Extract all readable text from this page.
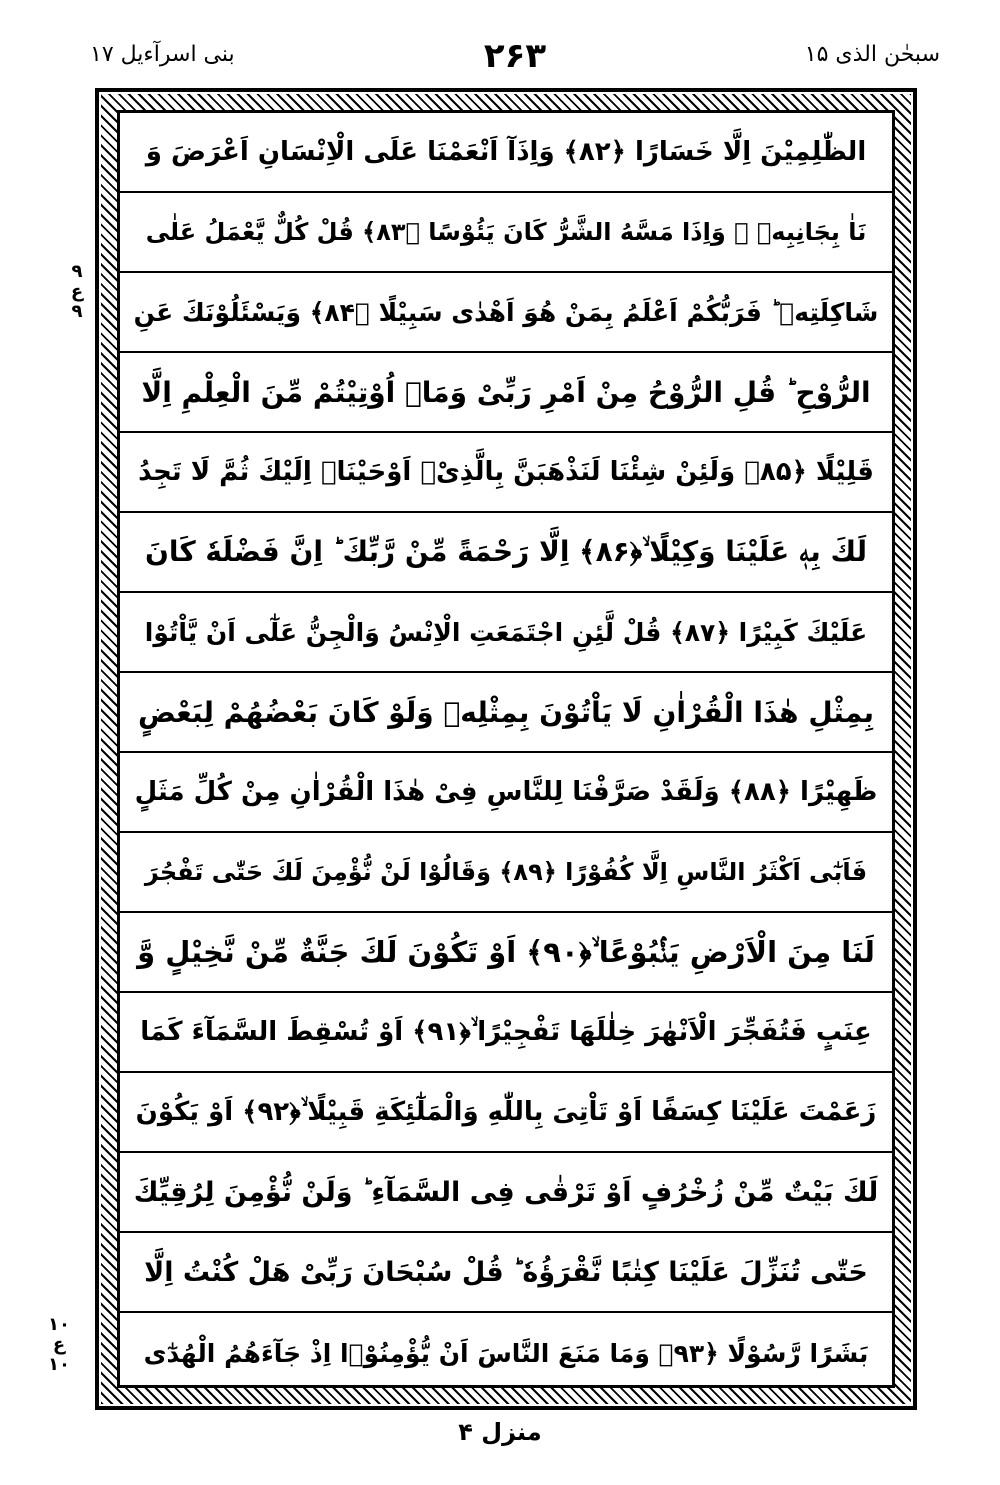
بنی اسرآءیل ۱۷	۲۶۳	سبحٰن الذی ۱۵
الظّٰلِمِیْنَ اِلَّا خَسَارًا ﴿۸۲﴾ وَاِذَآ اَنْعَمْنَا عَلَى الْاِنْسَانِ اَعْرَضَ وَ
نَاٰ بِجَانِبِهٖ ۚ وَاِذَا مَسَّهُ الشَّرُّ كَانَ يَئُوْسًا ﴿۸۳﴾ قُلْ كُلٌّ يَّعْمَلُ عَلٰى
شَاكِلَتِهٖ ؕ فَرَبُّكُمْ اَعْلَمُ بِمَنْ هُوَ اَهْدٰى سَبِيْلًا ﴿۸۴﴾ وَيَسْئَلُوْنَكَ عَنِ
الرُّوْحِ ؕ قُلِ الرُّوْحُ مِنْ اَمْرِ رَبِّىْ وَمَاۤ اُوْتِيْتُمْ مِّنَ الْعِلْمِ اِلَّا
قَلِيْلًا ﴿۸۵﴾ وَلَئِنْ شِئْنَا لَنَذْهَبَنَّ بِالَّذِىْۤ اَوْحَيْنَاۤ اِلَيْكَ ثُمَّ لَا تَجِدُ
لَكَ بِهٖ عَلَيْنَا وَكِيْلًا ۙ﴿۸۶﴾ اِلَّا رَحْمَةً مِّنْ رَّبِّكَ ؕ اِنَّ فَضْلَهٗ كَانَ
عَلَيْكَ كَبِيْرًا ﴿۸۷﴾ قُلْ لَّئِنِ اجْتَمَعَتِ الْاِنْسُ وَالْجِنُّ عَلٰٓى اَنْ يَّاْتُوْا
بِمِثْلِ هٰذَا الْقُرْاٰنِ لَا يَاْتُوْنَ بِمِثْلِهٖ وَلَوْ كَانَ بَعْضُهُمْ لِبَعْضٍ
ظَهِيْرًا ﴿۸۸﴾ وَلَقَدْ صَرَّفْنَا لِلنَّاسِ فِىْ هٰذَا الْقُرْاٰنِ مِنْ كُلِّ مَثَلٍ
فَاَبٰٓى اَكْثَرُ النَّاسِ اِلَّا كُفُوْرًا ﴿۸۹﴾ وَقَالُوْا لَنْ نُّؤْمِنَ لَكَ حَتّٰى تَفْجُرَ
لَنَا مِنَ الْاَرْضِ يَنْۢبُوْعًا ۙ﴿۹۰﴾ اَوْ تَكُوْنَ لَكَ جَنَّةٌ مِّنْ نَّخِيْلٍ وَّ
عِنَبٍ فَتُفَجِّرَ الْاَنْهٰرَ خِلٰلَهَا تَفْجِيْرًا ۙ﴿۹۱﴾ اَوْ تُسْقِطَ السَّمَآءَ كَمَا
زَعَمْتَ عَلَيْنَا كِسَفًا اَوْ تَاْتِىَ بِاللّٰهِ وَالْمَلٰٓئِكَةِ قَبِيْلًا ۙ﴿۹۲﴾ اَوْ يَكُوْنَ
لَكَ بَيْتٌ مِّنْ زُخْرُفٍ اَوْ تَرْقٰى فِى السَّمَآءِ ؕ وَلَنْ نُّؤْمِنَ لِرُقِيِّكَ
حَتّٰى تُنَزِّلَ عَلَيْنَا كِتٰبًا نَّقْرَؤُهٗ ؕ قُلْ سُبْحَانَ رَبِّىْ هَلْ كُنْتُ اِلَّا
بَشَرًا رَّسُوْلًا ﴿۹۳﴾ وَمَا مَنَعَ النَّاسَ اَنْ يُّؤْمِنُوْۤا اِذْ جَآءَهُمُ الْهُدٰٓى
۹
ع
۹
۱۰
ع
۱۰
منزل ۴
